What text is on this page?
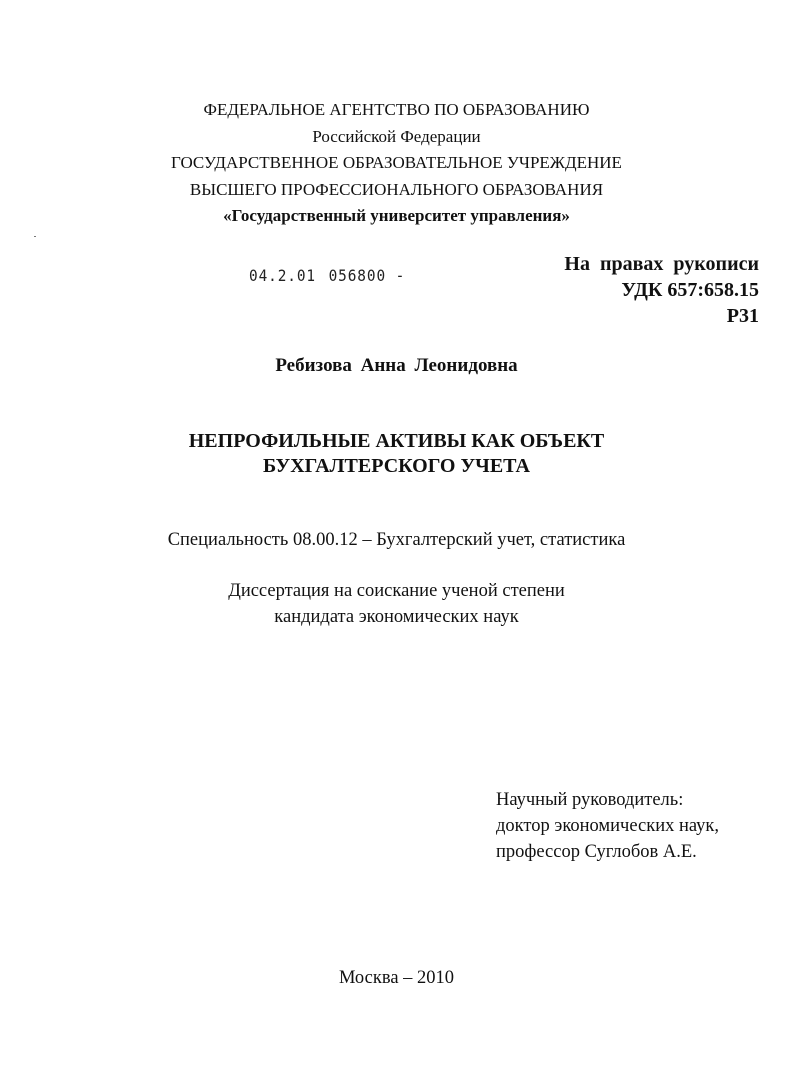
ФЕДЕРАЛЬНОЕ АГЕНТСТВО ПО ОБРАЗОВАНИЮ
Российской Федерации
ГОСУДАРСТВЕННОЕ ОБРАЗОВАТЕЛЬНОЕ УЧРЕЖДЕНИЕ
ВЫСШЕГО ПРОФЕССИОНАЛЬНОГО ОБРАЗОВАНИЯ
«Государственный университет управления»
04.2.01 056800 -
На правах рукописи
УДК 657:658.15
Р31
Ребизова Анна Леонидовна
НЕПРОФИЛЬНЫЕ АКТИВЫ КАК ОБЪЕКТ
БУХГАЛТЕРСКОГО УЧЕТА
Специальность 08.00.12 – Бухгалтерский учет, статистика
Диссертация на соискание ученой степени
кандидата экономических наук
Научный руководитель:
доктор экономических наук,
профессор Суглобов А.Е.
Москва – 2010
